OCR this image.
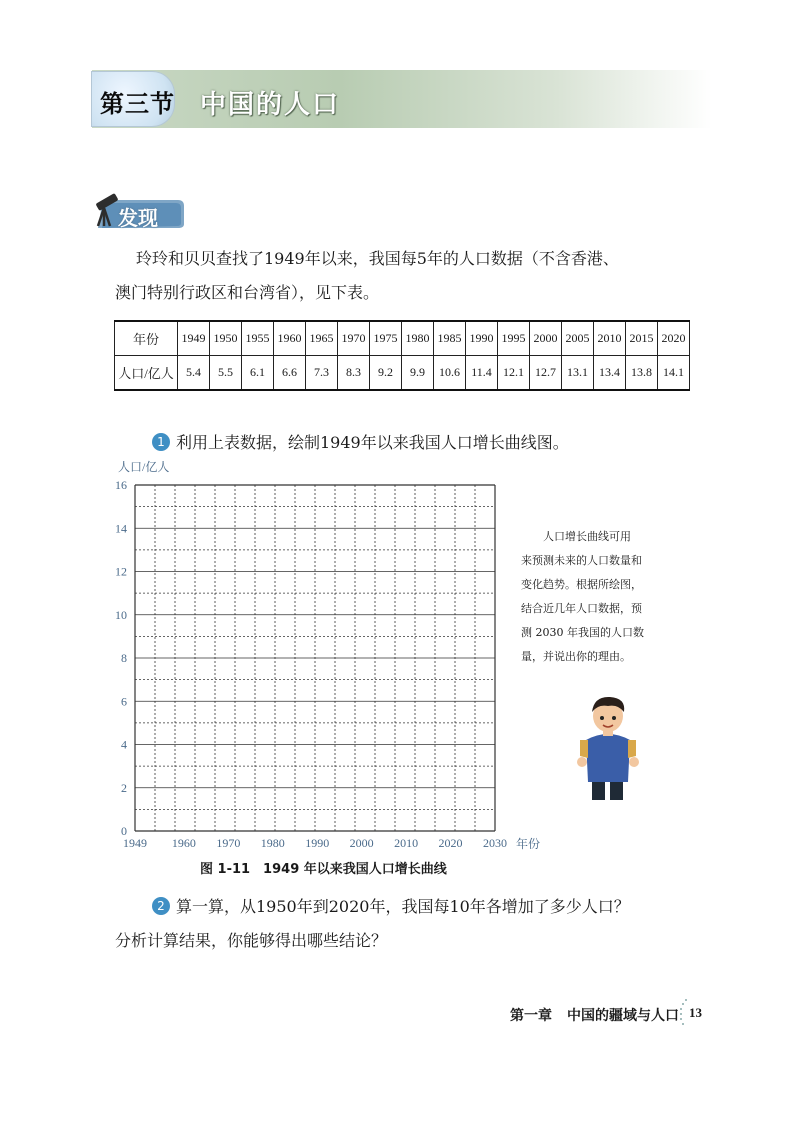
第三节 中国的人口
发现
玲玲和贝贝查找了1949年以来，我国每5年的人口数据（不含香港、
澳门特别行政区和台湾省），见下表。
年份	1949	1950	1955	1960	1965	1970	1975	1980	1985	1990	1995	2000	2005	2010	2015	2020
人口/亿人	5.4	5.5	6.1	6.6	7.3	8.3	9.2	9.9	10.6	11.4	12.1	12.7	13.1	13.4	13.8	14.1
1 利用上表数据，绘制1949年以来我国人口增长曲线图。
0
2
4
6
8
10
12
14
16
1949 1960 1970 1980 1990 2000 2010 2020 2030
人口/亿人
年份
图 1-11　1949 年以来我国人口增长曲线
人口增长曲线可用
来预测未来的人口数量和
变化趋势。根据所绘图，
结合近几年人口数据，预
测 2030 年我国的人口数
量，并说出你的理由。
2 算一算，从1950年到2020年，我国每10年各增加了多少人口？
分析计算结果，你能够得出哪些结论？
第一章 中国的疆域与人口 13
